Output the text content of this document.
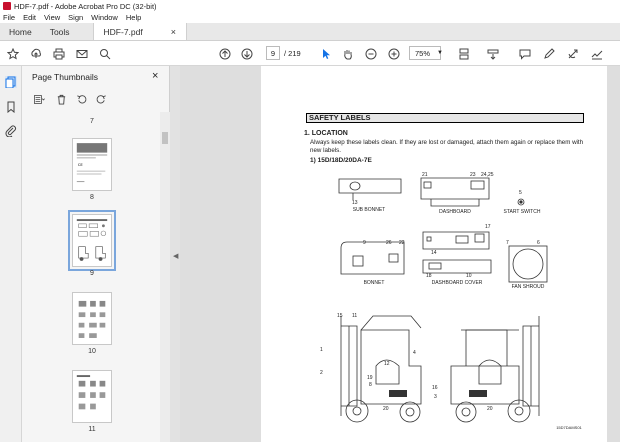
HDF-7.pdf - Adobe Acrobat Pro DC (32-bit)
File Edit View Sign Window Help
Home	Tools	HDF-7.pdf	×
9	/ 219	75% ▼
Page Thumbnails	×
7
CE
8
9
10
11
◀
SAFETY LABELS
1. LOCATION
Always keep these labels clean. If they are lost or damaged, attach them again or replace them with new labels.
1) 15D/18D/20DA-7E
SUB BONNET	DASHBOARD	START SWITCH
BONNET	DASHBOARD COVER
FAN SHROUD
15D7DAMS01
13
21	23 24,25
5
9	26 22
17
14
18	10
7	6
15 11
1
2
4
12
19
8
3
16
20	20
